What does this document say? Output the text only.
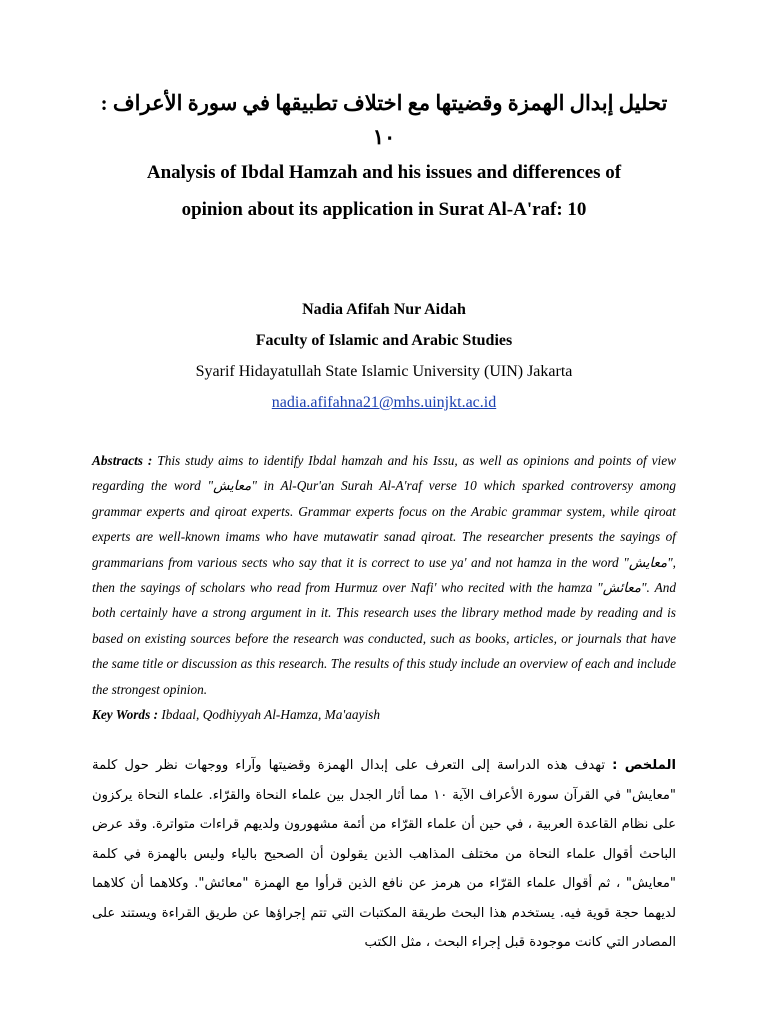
تحليل إبدال الهمزة وقضيتها مع اختلاف تطبيقها في سورة الأعراف : ١٠

Analysis of Ibdal Hamzah and his issues and differences of

opinion about its application in Surat Al-A'raf: 10

Nadia Afifah Nur Aidah
Faculty of Islamic and Arabic Studies
Syarif Hidayatullah State Islamic University (UIN) Jakarta
nadia.afifahna21@mhs.uinjkt.ac.id
Abstracts : This study aims to identify Ibdal hamzah and his Issu, as well as opinions and points of view regarding the word "معايش" in Al-Qur'an Surah Al-A'raf verse 10 which sparked controversy among grammar experts and qiroat experts. Grammar experts focus on the Arabic grammar system, while qiroat experts are well-known imams who have mutawatir sanad qiroat. The researcher presents the sayings of grammarians from various sects who say that it is correct to use ya' and not hamza in the word "معايش", then the sayings of scholars who read from Hurmuz over Nafi' who recited with the hamza "معائش". And both certainly have a strong argument in it. This research uses the library method made by reading and is based on existing sources before the research was conducted, such as books, articles, or journals that have the same title or discussion as this research. The results of this study include an overview of each and include the strongest opinion.
Key Words : Ibdaal, Qodhiyyah Al-Hamza, Ma'aayish
الملخص : تهدف هذه الدراسة إلى التعرف على إبدال الهمزة وقضيتها وآراء ووجهات نظر حول كلمة "معايش" في القرآن سورة الأعراف الآية ١٠ مما أثار الجدل بين علماء النحاة والقرّاء. علماء النحاة يركزون على نظام القاعدة العربية ، في حين أن علماء القرّاء من أئمة مشهورون ولديهم قراءات متواترة. وقد عرض الباحث أقوال علماء النحاة من مختلف المذاهب الذين يقولون أن الصحيح بالياء وليس بالهمزة في كلمة "معايش" ، ثم أقوال علماء القرّاء من هرمز عن نافع الذين قرأوا مع الهمزة "معائش". وكلاهما أن كلاهما لديهما حجة قوية فيه. يستخدم هذا البحث طريقة المكتبات التي تتم إجراؤها عن طريق القراءة ويستند على المصادر التي كانت موجودة قبل إجراء البحث ، مثل الكتب
